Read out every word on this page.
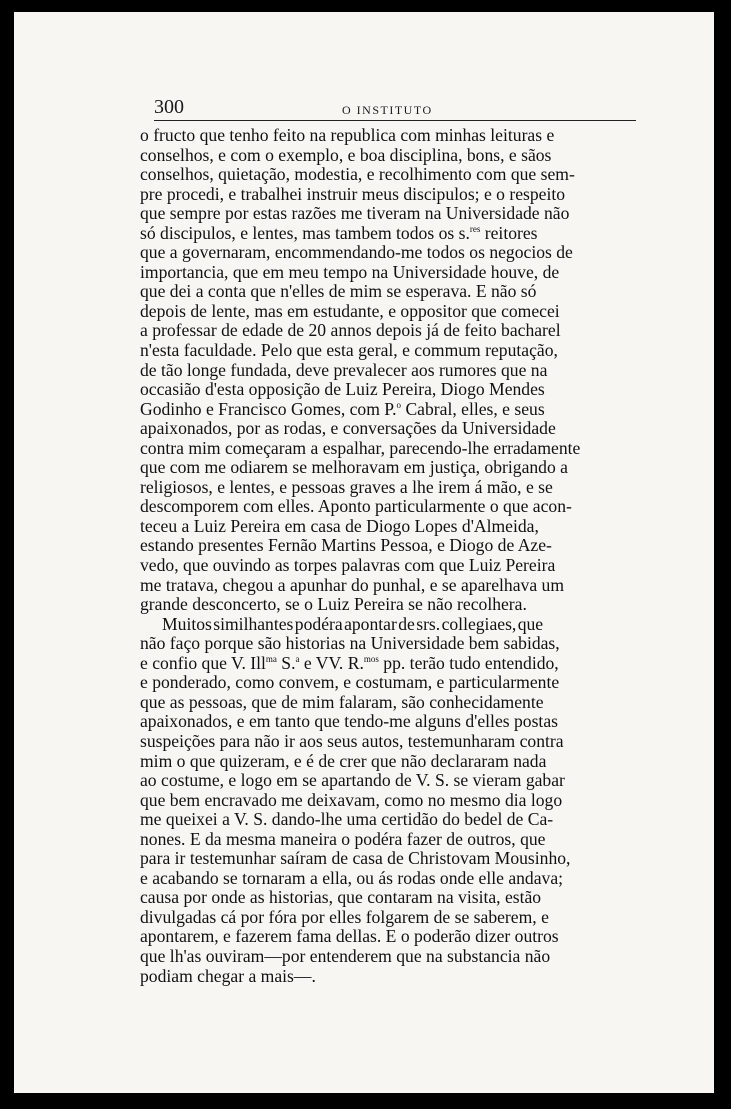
300	O INSTITUTO
o fructo que tenho feito na republica com minhas leituras e
conselhos, e com o exemplo, e boa disciplina, bons, e sãos
conselhos, quietação, modestia, e recolhimento com que sem-
pre procedi, e trabalhei instruir meus discipulos; e o respeito
que sempre por estas razões me tiveram na Universidade não
só discipulos, e lentes, mas tambem todos os s.$^{res}$ reitores
que a governaram, encommendando-me todos os negocios de
importancia, que em meu tempo na Universidade houve, de
que dei a conta que n'elles de mim se esperava. E não só
depois de lente, mas em estudante, e oppositor que comecei
a professar de edade de 20 annos depois já de feito bacharel
n'esta faculdade. Pelo que esta geral, e commum reputação,
de tão longe fundada, deve prevalecer aos rumores que na
occasião d'esta opposição de Luiz Pereira, Diogo Mendes
Godinho e Francisco Gomes, com P.$^o$ Cabral, elles, e seus
apaixonados, por as rodas, e conversações da Universidade
contra mim começaram a espalhar, parecendo-lhe erradamente
que com me odiarem se melhoravam em justiça, obrigando a
religiosos, e lentes, e pessoas graves a lhe irem á mão, e se
descomporem com elles. Aponto particularmente o que acon-
teceu a Luiz Pereira em casa de Diogo Lopes d'Almeida,
estando presentes Fernão Martins Pessoa, e Diogo de Aze-
vedo, que ouvindo as torpes palavras com que Luiz Pereira
me tratava, chegou a apunhar do punhal, e se aparelhava um
grande desconcerto, se o Luiz Pereira se não recolhera.
Muitos similhantes podéra apontar de srs. collegiaes, que
não faço porque são historias na Universidade bem sabidas,
e confio que V. Ill$^{ma}$ S.$^a$ e VV. R.$^{mos}$ pp. terão tudo entendido,
e ponderado, como convem, e costumam, e particularmente
que as pessoas, que de mim falaram, são conhecidamente
apaixonados, e em tanto que tendo-me alguns d'elles postas
suspeições para não ir aos seus autos, testemunharam contra
mim o que quizeram, e é de crer que não declararam nada
ao costume, e logo em se apartando de V. S. se vieram gabar
que bem encravado me deixavam, como no mesmo dia logo
me queixei a V. S. dando-lhe uma certidão do bedel de Ca-
nones. E da mesma maneira o podéra fazer de outros, que
para ir testemunhar saíram de casa de Christovam Mousinho,
e acabando se tornaram a ella, ou ás rodas onde elle andava;
causa por onde as historias, que contaram na visita, estão
divulgadas cá por fóra por elles folgarem de se saberem, e
apontarem, e fazerem fama dellas. E o poderão dizer outros
que lh'as ouviram—por entenderem que na substancia não
podiam chegar a mais—.
